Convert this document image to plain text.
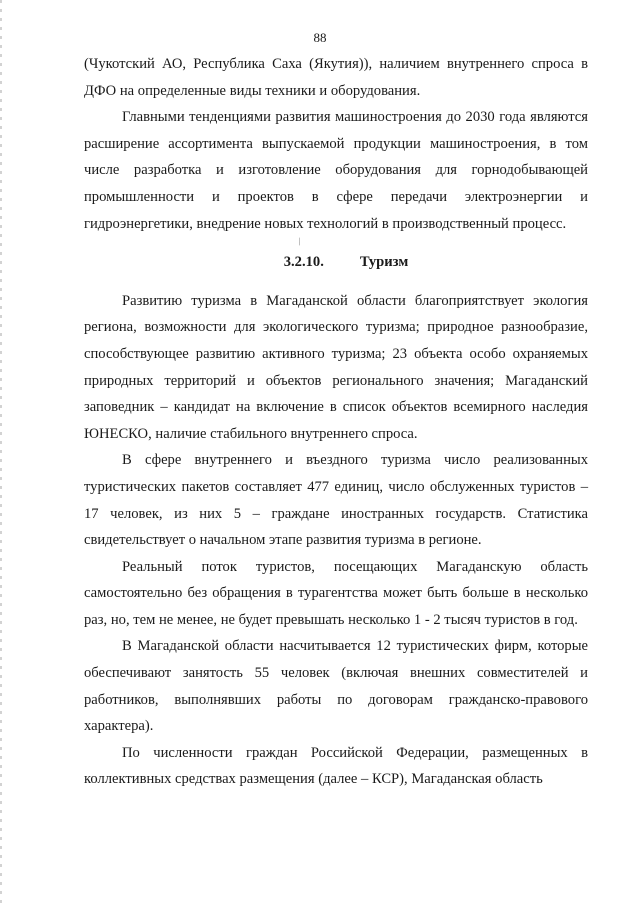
88

(Чукотский АО, Республика Саха (Якутия)), наличием внутреннего спроса в ДФО на определенные виды техники и оборудования.

Главными тенденциями развития машиностроения до 2030 года являются расширение ассортимента выпускаемой продукции машиностроения, в том числе разработка и изготовление оборудования для горнодобывающей промышленности и проектов в сфере передачи электроэнергии и гидроэнергетики, внедрение новых технологий в производственный процесс.

3.2.10. Туризм

Развитию туризма в Магаданской области благоприятствует экология региона, возможности для экологического туризма; природное разнообразие, способствующее развитию активного туризма; 23 объекта особо охраняемых природных территорий и объектов регионального значения; Магаданский заповедник – кандидат на включение в список объектов всемирного наследия ЮНЕСКО, наличие стабильного внутреннего спроса.

В сфере внутреннего и въездного туризма число реализованных туристических пакетов составляет 477 единиц, число обслуженных туристов – 17 человек, из них 5 – граждане иностранных государств. Статистика свидетельствует о начальном этапе развития туризма в регионе.

Реальный поток туристов, посещающих Магаданскую область самостоятельно без обращения в турагентства может быть больше в несколько раз, но, тем не менее, не будет превышать несколько 1 - 2 тысяч туристов в год.

В Магаданской области насчитывается 12 туристических фирм, которые обеспечивают занятость 55 человек (включая внешних совместителей и работников, выполнявших работы по договорам гражданско-правового характера).

По численности граждан Российской Федерации, размещенных в коллективных средствах размещения (далее – КСР), Магаданская область

/
